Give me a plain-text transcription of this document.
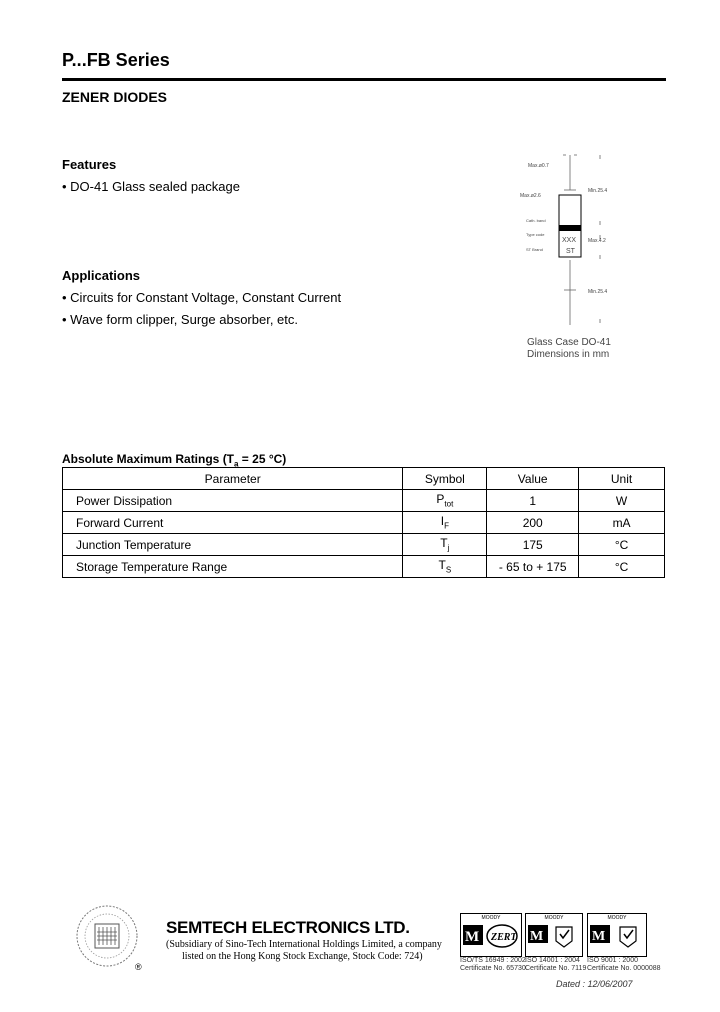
P...FB Series
ZENER DIODES
Features
• DO-41 Glass sealed package
Applications
• Circuits for Constant Voltage, Constant Current
• Wave form clipper, Surge absorber, etc.
Max.ø0.7
Max.ø2.6
Min.25.4
Cath. band
Type code
ST Brand
XXX
ST
Max.4.2
Min.25.4
Glass Case DO-41
Dimensions in mm
Absolute Maximum Ratings ($T_a = 25$ °C)
Parameter	Symbol	Value	Unit
Power Dissipation	$P_{tot}$	1	W
Forward Current	$I_F$	200	mA
Junction Temperature	$T_j$	175	°C
Storage Temperature Range	$T_S$	- 65 to + 175	°C
®
SEMTECH ELECTRONICS LTD.
(Subsidiary of Sino-Tech International Holdings Limited, a company
listed on the Hong Kong Stock Exchange, Stock Code: 724)
MOODY
M ZERT
MOODY
M
MOODY
M
ISO/TS 16949 : 2002
Certificate No. 65730
ISO 14001 : 2004
Certificate No. 7119
ISO 9001 : 2000
Certificate No. 0000088
Dated : 12/06/2007
